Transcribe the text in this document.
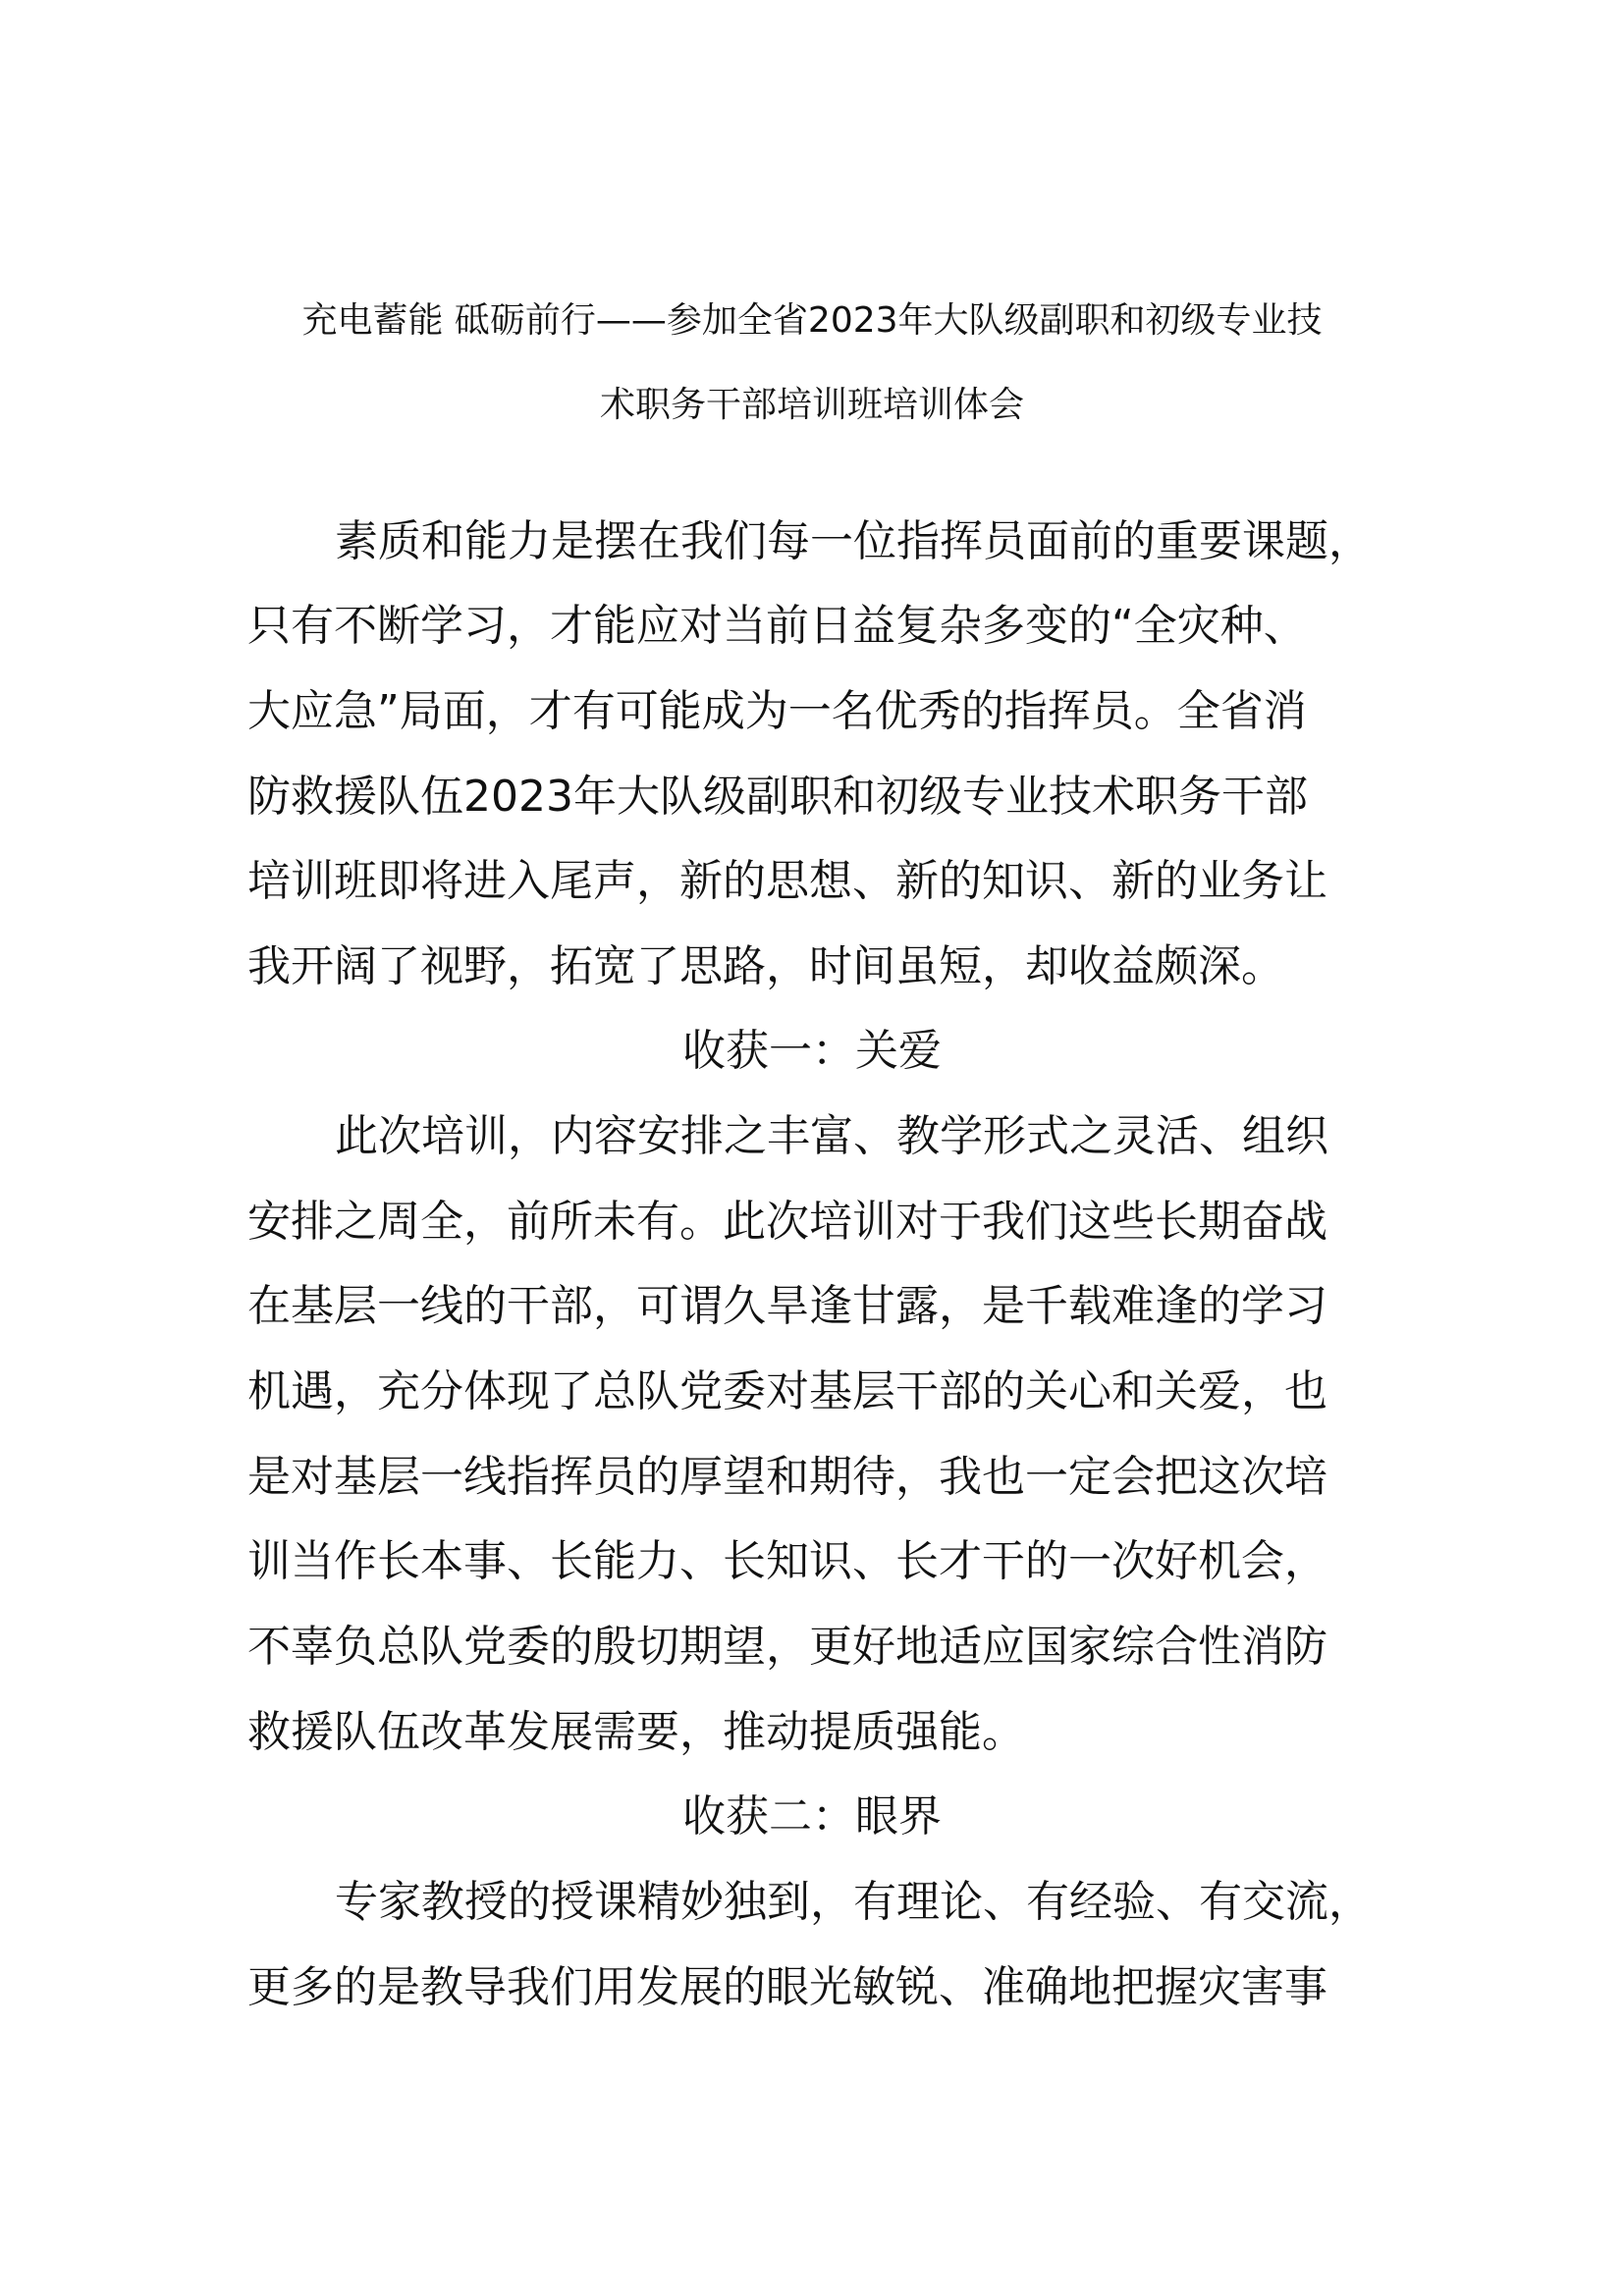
充电蓄能 砥砺前行——参加全省2023年大队级副职和初级专业技
术职务干部培训班培训体会
素质和能力是摆在我们每一位指挥员面前的重要课题，
只有不断学习，才能应对当前日益复杂多变的“全灾种、
大应急”局面，才有可能成为一名优秀的指挥员。全省消
防救援队伍2023年大队级副职和初级专业技术职务干部
培训班即将进入尾声，新的思想、新的知识、新的业务让
我开阔了视野，拓宽了思路，时间虽短，却收益颇深。
收获一：关爱
此次培训，内容安排之丰富、教学形式之灵活、组织
安排之周全，前所未有。此次培训对于我们这些长期奋战
在基层一线的干部，可谓久旱逢甘露，是千载难逢的学习
机遇，充分体现了总队党委对基层干部的关心和关爱，也
是对基层一线指挥员的厚望和期待，我也一定会把这次培
训当作长本事、长能力、长知识、长才干的一次好机会，
不辜负总队党委的殷切期望，更好地适应国家综合性消防
救援队伍改革发展需要，推动提质强能。
收获二：眼界
专家教授的授课精妙独到，有理论、有经验、有交流，
更多的是教导我们用发展的眼光敏锐、准确地把握灾害事
